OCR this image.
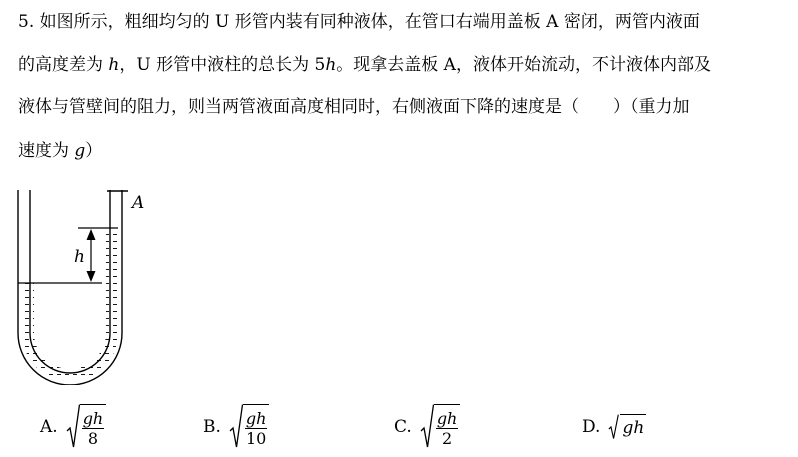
5. 如图所示，粗细均匀的 U 形管内装有同种液体，在管口右端用盖板 A 密闭，两管内液面
的高度差为 h，U 形管中液柱的总长为 5h。现拿去盖板 A，液体开始流动，不计液体内部及
液体与管壁间的阻力，则当两管液面高度相同时，右侧液面下降的速度是（　　）（重力加
速度为 g）
h
A
A. $\frac{gh}{8}$	B. $\frac{gh}{10}$	C. $\frac{gh}{2}$	D. gh
